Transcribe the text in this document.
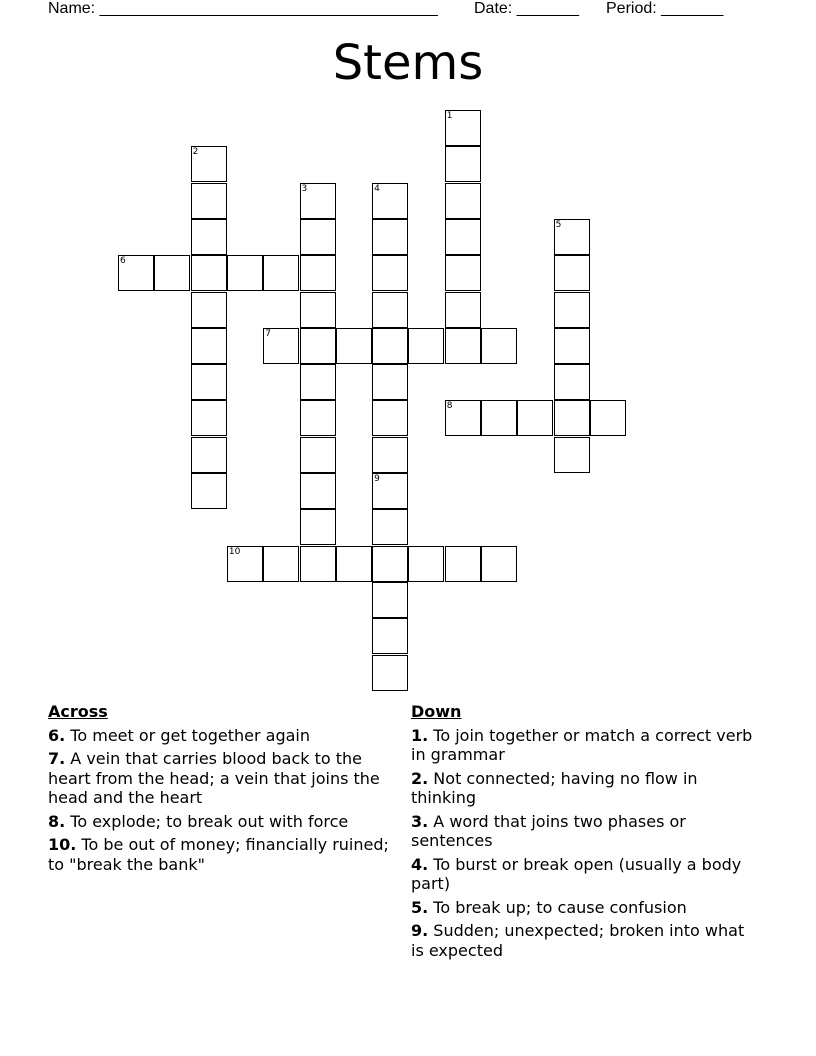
Name: ______________________________________ Date: _______ Period: _______
Stems
1
2
3	4
5
6
7
8
9
10
Across
6. To meet or get together again
7. A vein that carries blood back to the heart from the head; a vein that joins the head and the heart
8. To explode; to break out with force
10. To be out of money; financially ruined; to "break the bank"
Down
1. To join together or match a correct verb in grammar
2. Not connected; having no flow in thinking
3. A word that joins two phases or sentences
4. To burst or break open (usually a body part)
5. To break up; to cause confusion
9. Sudden; unexpected; broken into what is expected
